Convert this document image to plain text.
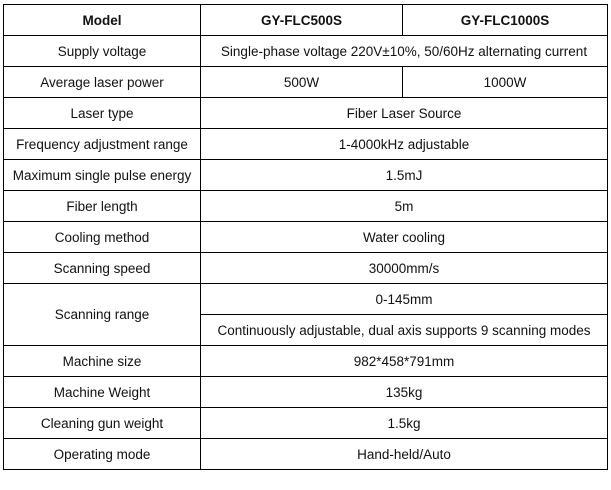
Model	GY-FLC500S	GY-FLC1000S
Supply voltage	Single-phase voltage 220V±10%, 50/60Hz alternating current	
Average laser power	500W	1000W
Laser type	Fiber Laser Source	
Frequency adjustment range	1-4000kHz adjustable	
Maximum single pulse energy	1.5mJ	
Fiber length	5m	
Cooling method	Water cooling	
Scanning speed	30000mm/s	
Scanning range	0-145mm	
	Continuously adjustable, dual axis supports 9 scanning modes	
Machine size	982*458*791mm	
Machine Weight	135kg	
Cleaning gun weight	1.5kg	
Operating mode	Hand-held/Auto	
